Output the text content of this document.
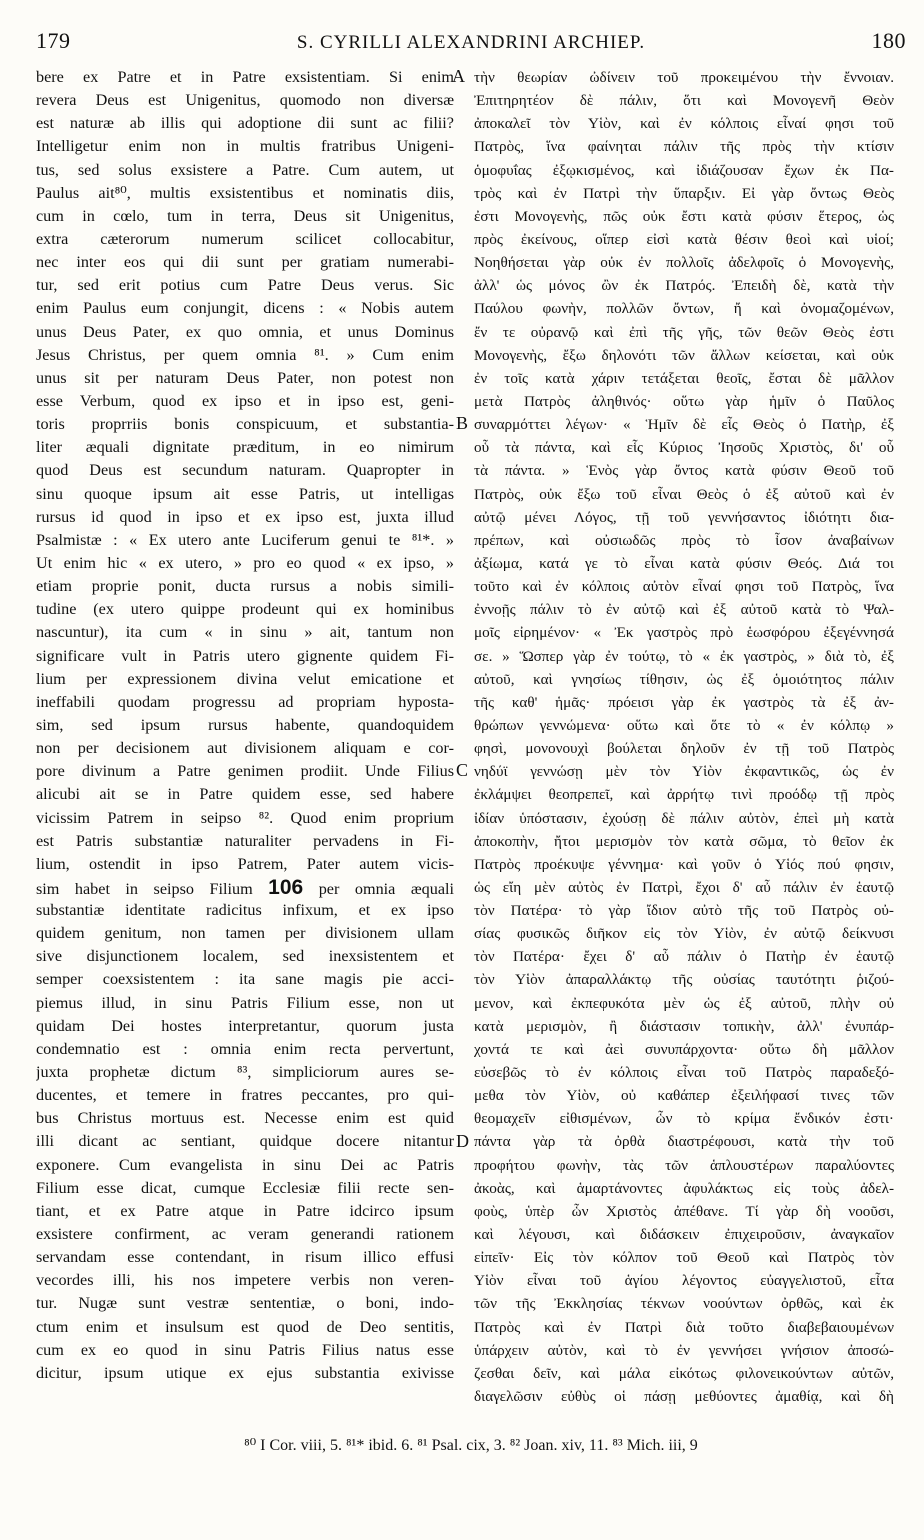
179	S. CYRILLI ALEXANDRINI ARCHIEP.	180
bere ex Patre et in Patre exsistentiam. Si enim
revera Deus est Unigenitus, quomodo non diversæ
est naturæ ab illis qui adoptione dii sunt ac filii?
Intelligetur enim non in multis fratribus Unigeni-
tus, sed solus exsistere a Patre. Cum autem, ut
Paulus ait⁸⁰, multis exsistentibus et nominatis diis,
cum in cœlo, tum in terra, Deus sit Unigenitus,
extra cæterorum numerum scilicet collocabitur,
nec inter eos qui dii sunt per gratiam numerabi-
tur, sed erit potius cum Patre Deus verus. Sic
enim Paulus eum conjungit, dicens : « Nobis autem
unus Deus Pater, ex quo omnia, et unus Dominus
Jesus Christus, per quem omnia ⁸¹. » Cum enim
unus sit per naturam Deus Pater, non potest non
esse Verbum, quod ex ipso et in ipso est, geni-
toris proprriis bonis conspicuum, et substantia-
liter æquali dignitate præditum, in eo nimirum
quod Deus est secundum naturam. Quapropter in
sinu quoque ipsum ait esse Patris, ut intelligas
rursus id quod in ipso et ex ipso est, juxta illud
Psalmistæ : « Ex utero ante Luciferum genui te ⁸¹*. »
Ut enim hic « ex utero, » pro eo quod « ex ipso, »
etiam proprie ponit, ducta rursus a nobis simili-
tudine (ex utero quippe prodeunt qui ex hominibus
nascuntur), ita cum « in sinu » ait, tantum non
significare vult in Patris utero gignente quidem Fi-
lium per expressionem divina velut emicatione et
ineffabili quodam progressu ad propriam hyposta-
sim, sed ipsum rursus habente, quandoquidem
non per decisionem aut divisionem aliquam e cor-
pore divinum a Patre genimen prodiit. Unde Filius
alicubi ait se in Patre quidem esse, sed habere
vicissim Patrem in seipso ⁸². Quod enim proprium
est Patris substantiæ naturaliter pervadens in Fi-
lium, ostendit in ipso Patrem, Pater autem vicis-
sim habet in seipso Filium 106 per omnia æquali
substantiæ identitate radicitus infixum, et ex ipso
quidem genitum, non tamen per divisionem ullam
sive disjunctionem localem, sed inexsistentem et
semper coexsistentem : ita sane magis pie acci-
piemus illud, in sinu Patris Filium esse, non ut
quidam Dei hostes interpretantur, quorum justa
condemnatio est : omnia enim recta pervertunt,
juxta prophetæ dictum ⁸³, simpliciorum aures se-
ducentes, et temere in fratres peccantes, pro qui-
bus Christus mortuus est. Necesse enim est quid
illi dicant ac sentiant, quidque docere nitantur
exponere. Cum evangelista in sinu Dei ac Patris
Filium esse dicat, cumque Ecclesiæ filii recte sen-
tiant, et ex Patre atque in Patre idcirco ipsum
exsistere confirment, ac veram generandi rationem
servandam esse contendant, in risum illico effusi
vecordes illi, his nos impetere verbis non veren-
tur. Nugæ sunt vestræ sententiæ, o boni, indo-
ctum enim et insulsum est quod de Deo sentitis,
cum ex eo quod in sinu Patris Filius natus esse
dicitur, ipsum utique ex ejus substantia exivisse
τὴν θεωρίαν ὠδίνειν τοῦ προκειμένου τὴν ἔννοιαν.
Ἐπιτηρητέον δὲ πάλιν, ὅτι καὶ Μονογενῆ Θεὸν
ἀποκαλεῖ τὸν Υἱὸν, καὶ ἐν κόλποις εἶναί φησι τοῦ
Πατρὸς, ἵνα φαίνηται πάλιν τῆς πρὸς τὴν κτίσιν
ὁμοφυΐας ἐξῳκισμένος, καὶ ἰδιάζουσαν ἔχων ἐκ Πα-
τρὸς καὶ ἐν Πατρὶ τὴν ὕπαρξιν. Εἰ γὰρ ὄντως Θεὸς
ἐστι Μονογενὴς, πῶς οὐκ ἔστι κατὰ φύσιν ἕτερος, ὡς
πρὸς ἐκείνους, οἵπερ εἰσὶ κατὰ θέσιν θεοὶ καὶ υἱοί;
Νοηθήσεται γὰρ οὐκ ἐν πολλοῖς ἀδελφοῖς ὁ Μονογενὴς,
ἀλλ' ὡς μόνος ὢν ἐκ Πατρός. Ἐπειδὴ δὲ, κατὰ τὴν
Παύλου φωνὴν, πολλῶν ὄντων, ἤ καὶ ὀνομαζομένων,
ἔν τε οὐρανῷ καὶ ἐπὶ τῆς γῆς, τῶν θεῶν Θεὸς ἐστι
Μονογενὴς, ἔξω δηλονότι τῶν ἄλλων κείσεται, καὶ οὐκ
ἐν τοῖς κατὰ χάριν τετάξεται θεοῖς, ἔσται δὲ μᾶλλον
μετὰ Πατρὸς ἀληθινός· οὕτω γὰρ ἡμῖν ὁ Παῦλος
συναρμόττει λέγων· « Ἡμῖν δὲ εἷς Θεὸς ὁ Πατὴρ, ἐξ
οὗ τὰ πάντα, καὶ εἷς Κύριος Ἰησοῦς Χριστὸς, δι' οὗ
τὰ πάντα. » Ἑνὸς γὰρ ὄντος κατὰ φύσιν Θεοῦ τοῦ
Πατρὸς, οὐκ ἔξω τοῦ εἶναι Θεὸς ὁ ἐξ αὐτοῦ καὶ ἐν
αὐτῷ μένει Λόγος, τῇ τοῦ γεννήσαντος ἰδιότητι δια-
πρέπων, καὶ οὐσιωδῶς πρὸς τὸ ἶσον ἀναβαίνων
ἀξίωμα, κατά γε τὸ εἶναι κατὰ φύσιν Θεός. Διά τοι
τοῦτο καὶ ἐν κόλποις αὐτὸν εἶναί φησι τοῦ Πατρὸς, ἵνα
ἐννοῇς πάλιν τὸ ἐν αὐτῷ καὶ ἐξ αὐτοῦ κατὰ τὸ Ψαλ-
μοῖς εἰρημένον· « Ἐκ γαστρὸς πρὸ ἑωσφόρου ἐξεγέννησά
σε. » Ὥσπερ γὰρ ἐν τούτῳ, τὸ « ἐκ γαστρὸς, » διὰ τὸ, ἐξ
αὐτοῦ, καὶ γνησίως τίθησιν, ὡς ἐξ ὁμοιότητος πάλιν
τῆς καθ' ἡμᾶς· πρόεισι γὰρ ἐκ γαστρὸς τὰ ἐξ ἀν-
θρώπων γεννώμενα· οὕτω καὶ ὅτε τὸ « ἐν κόλπῳ »
φησὶ, μονονουχὶ βούλεται δηλοῦν ἐν τῇ τοῦ Πατρὸς
νηδύϊ γεννώσῃ μὲν τὸν Υἱὸν ἐκφαντικῶς, ὡς ἐν
ἐκλάμψει θεοπρεπεῖ, καὶ ἀρρήτῳ τινὶ προόδῳ τῇ πρὸς
ἰδίαν ὑπόστασιν, ἐχούσῃ δὲ πάλιν αὐτὸν, ἐπεὶ μὴ κατὰ
ἀποκοπὴν, ἤτοι μερισμὸν τὸν κατὰ σῶμα, τὸ θεῖον ἐκ
Πατρὸς προέκυψε γέννημα· καὶ γοῦν ὁ Υἱός πού φησιν,
ὡς εἴη μὲν αὐτὸς ἐν Πατρὶ, ἔχοι δ' αὖ πάλιν ἐν ἑαυτῷ
τὸν Πατέρα· τὸ γὰρ ἴδιον αὐτὸ τῆς τοῦ Πατρὸς οὐ-
σίας φυσικῶς διῆκον εἰς τὸν Υἱὸν, ἐν αὐτῷ δείκνυσι
τὸν Πατέρα· ἔχει δ' αὖ πάλιν ὁ Πατὴρ ἐν ἑαυτῷ
τὸν Υἱὸν ἀπαραλλάκτῳ τῆς οὐσίας ταυτότητι ῥιζού-
μενον, καὶ ἐκπεφυκότα μὲν ὡς ἐξ αὐτοῦ, πλὴν οὐ
κατὰ μερισμὸν, ἢ διάστασιν τοπικὴν, ἀλλ' ἐνυπάρ-
χοντά τε καὶ ἀεὶ συνυπάρχοντα· οὕτω δὴ μᾶλλον
εὐσεβῶς τὸ ἐν κόλποις εἶναι τοῦ Πατρὸς παραδεξό-
μεθα τὸν Υἱὸν, οὐ καθάπερ ἐξειλήφασί τινες τῶν
θεομαχεῖν εἰθισμένων, ὧν τὸ κρίμα ἔνδικόν ἐστι·
πάντα γὰρ τὰ ὀρθὰ διαστρέφουσι, κατὰ τὴν τοῦ
προφήτου φωνὴν, τὰς τῶν ἁπλουστέρων παραλύοντες
ἀκοὰς, καὶ ἁμαρτάνοντες ἀφυλάκτως εἰς τοὺς ἀδελ-
φοὺς, ὑπὲρ ὧν Χριστὸς ἀπέθανε. Τί γὰρ δὴ νοοῦσι,
καὶ λέγουσι, καὶ διδάσκειν ἐπιχειροῦσιν, ἀναγκαῖον
εἰπεῖν· Εἰς τὸν κόλπον τοῦ Θεοῦ καὶ Πατρὸς τὸν
Υἱὸν εἶναι τοῦ ἁγίου λέγοντος εὐαγγελιστοῦ, εἶτα
τῶν τῆς Ἐκκλησίας τέκνων νοούντων ὀρθῶς, καὶ ἐκ
Πατρὸς καὶ ἐν Πατρὶ διὰ τοῦτο διαβεβαιουμένων
ὑπάρχειν αὐτὸν, καὶ τὸ ἐν γεννήσει γνήσιον ἀποσώ-
ζεσθαι δεῖν, καὶ μάλα εἰκότως φιλονεικούντων αὐτῶν,
διαγελῶσιν εὐθὺς οἱ πάσῃ μεθύοντες ἀμαθίᾳ, καὶ δὴ
A
B
C
D
⁸⁰ I Cor. viii, 5. ⁸¹* ibid. 6. ⁸¹ Psal. cix, 3. ⁸² Joan. xiv, 11. ⁸³ Mich. iii, 9
